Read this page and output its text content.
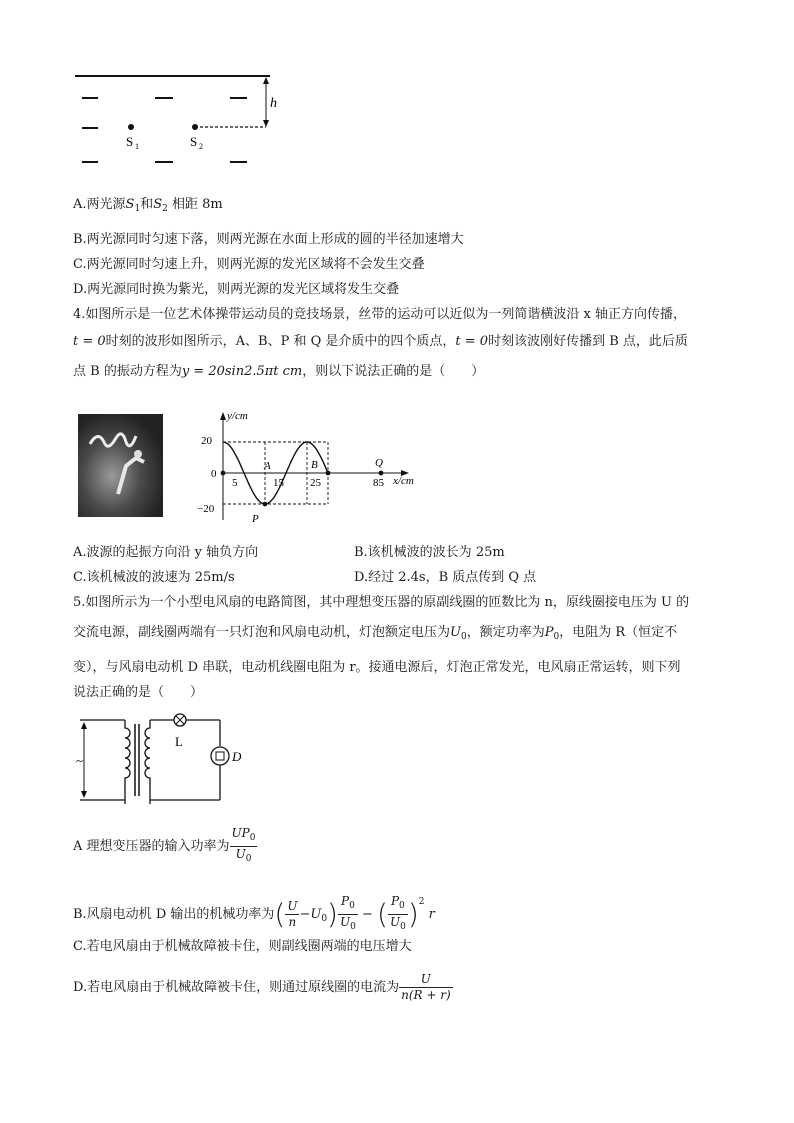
h
S 1	S 2
A.两光源$S_1$和$S_2$ 相距 8m
B.两光源同时匀速下落，则两光源在水面上形成的圆的半径加速增大
C.两光源同时匀速上升，则两光源的发光区域将不会发生交叠
D.两光源同时换为紫光，则两光源的发光区域将发生交叠
4.如图所示是一位艺术体操带运动员的竞技场景，丝带的运动可以近似为一列简谐横波沿 x 轴正方向传播，
t = 0时刻的波形如图所示，A、B、P 和 Q 是介质中的四个质点，t = 0时刻该波刚好传播到 B 点，此后质
点 B 的振动方程为y = 20sin2.5πt cm，则以下说法正确的是（　　）
y/cm
x/cm
20
0
−20
5	15 25	85
A	B
P
Q
A.波源的起振方向沿 y 轴负方向	B.该机械波的波长为 25m
C.该机械波的波速为 25m/s	D.经过 2.4s，B 质点传到 Q 点
5.如图所示为一个小型电风扇的电路简图，其中理想变压器的原副线圈的匝数比为 n，原线圈接电压为 U 的
交流电源，副线圈两端有一只灯泡和风扇电动机，灯泡额定电压为$U_0$，额定功率为$P_0$，电阻为 R（恒定不
变），与风扇电动机 D 串联，电动机线圈电阻为 r。接通电源后，灯泡正常发光，电风扇正常运转，则下列
说法正确的是（　　）
~
L
D
A 理想变压器的输入功率为 $\frac{UP_0}{U_0}$
B.风扇电动机 D 输出的机械功率为( $\frac{U}{n} -U_0) \frac{P_0}{U_0}$ − ( $\frac{P_0}{U_0} )^2$ r
C.若电风扇由于机械故障被卡住，则副线圈两端的电压增大
D.若电风扇由于机械故障被卡住，则通过原线圈的电流为 $\frac{U}{n(R + r)}$
